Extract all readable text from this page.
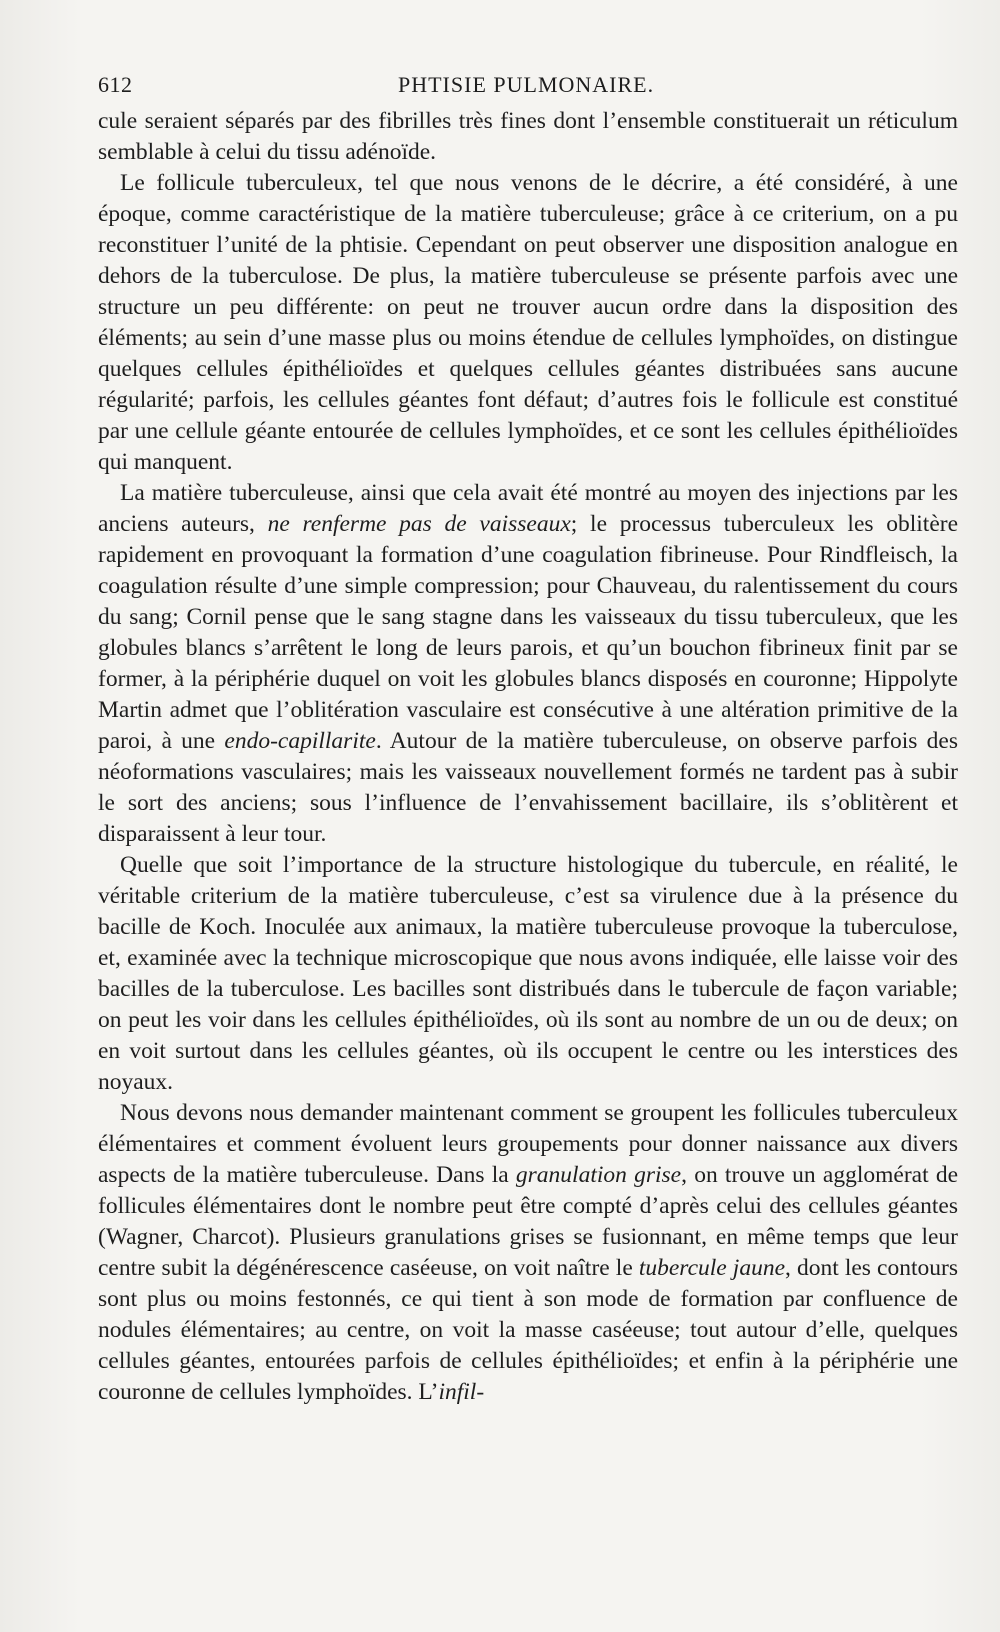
612	PHTISIE PULMONAIRE.

cule seraient séparés par des fibrilles très fines dont l’ensemble constituerait un réticulum semblable à celui du tissu adénoïde.

Le follicule tuberculeux, tel que nous venons de le décrire, a été considéré, à une époque, comme caractéristique de la matière tuberculeuse; grâce à ce criterium, on a pu reconstituer l’unité de la phtisie. Cependant on peut observer une disposition analogue en dehors de la tuberculose. De plus, la matière tuberculeuse se présente parfois avec une structure un peu différente: on peut ne trouver aucun ordre dans la disposition des éléments; au sein d’une masse plus ou moins étendue de cellules lymphoïdes, on distingue quelques cellules épithélioïdes et quelques cellules géantes distribuées sans aucune régularité; parfois, les cellules géantes font défaut; d’autres fois le follicule est constitué par une cellule géante entourée de cellules lymphoïdes, et ce sont les cellules épithélioïdes qui manquent.

La matière tuberculeuse, ainsi que cela avait été montré au moyen des injections par les anciens auteurs, ne renferme pas de vaisseaux; le processus tuberculeux les oblitère rapidement en provoquant la formation d’une coagulation fibrineuse. Pour Rindfleisch, la coagulation résulte d’une simple compression; pour Chauveau, du ralentissement du cours du sang; Cornil pense que le sang stagne dans les vaisseaux du tissu tuberculeux, que les globules blancs s’arrêtent le long de leurs parois, et qu’un bouchon fibrineux finit par se former, à la périphérie duquel on voit les globules blancs disposés en couronne; Hippolyte Martin admet que l’oblitération vasculaire est consécutive à une altération primitive de la paroi, à une endo-capillarite. Autour de la matière tuberculeuse, on observe parfois des néoformations vasculaires; mais les vaisseaux nouvellement formés ne tardent pas à subir le sort des anciens; sous l’influence de l’envahissement bacillaire, ils s’oblitèrent et disparaissent à leur tour.

Quelle que soit l’importance de la structure histologique du tubercule, en réalité, le véritable criterium de la matière tuberculeuse, c’est sa virulence due à la présence du bacille de Koch. Inoculée aux animaux, la matière tuberculeuse provoque la tuberculose, et, examinée avec la technique microscopique que nous avons indiquée, elle laisse voir des bacilles de la tuberculose. Les bacilles sont distribués dans le tubercule de façon variable; on peut les voir dans les cellules épithélioïdes, où ils sont au nombre de un ou de deux; on en voit surtout dans les cellules géantes, où ils occupent le centre ou les interstices des noyaux.

Nous devons nous demander maintenant comment se groupent les follicules tuberculeux élémentaires et comment évoluent leurs groupements pour donner naissance aux divers aspects de la matière tuberculeuse. Dans la granulation grise, on trouve un agglomérat de follicules élémentaires dont le nombre peut être compté d’après celui des cellules géantes (Wagner, Charcot). Plusieurs granulations grises se fusionnant, en même temps que leur centre subit la dégénérescence caséeuse, on voit naître le tubercule jaune, dont les contours sont plus ou moins festonnés, ce qui tient à son mode de formation par confluence de nodules élémentaires; au centre, on voit la masse caséeuse; tout autour d’elle, quelques cellules géantes, entourées parfois de cellules épithélioïdes; et enfin à la périphérie une couronne de cellules lymphoïdes. L’infil-
